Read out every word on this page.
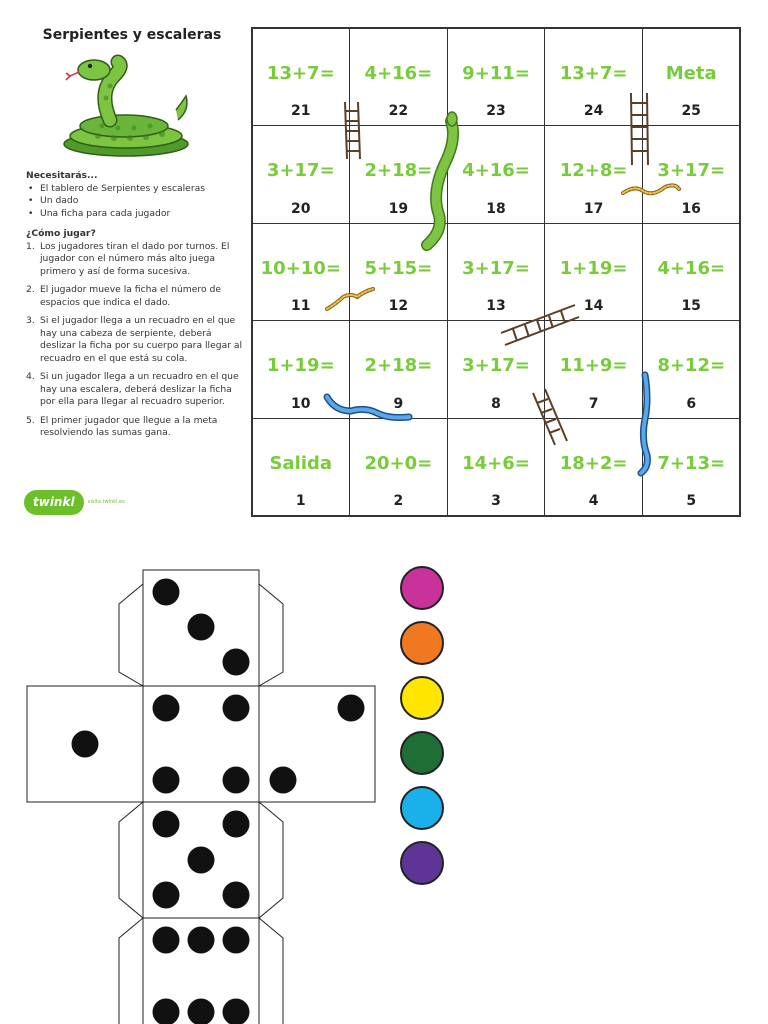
Serpientes y escaleras
Necesitarás...
• El tablero de Serpientes y escaleras
• Un dado
• Una ficha para cada jugador
¿Cómo jugar?
1. Los jugadores tiran el dado por turnos. El jugador con el número más alto juega primero y así de forma sucesiva.
2. El jugador mueve la ficha el número de espacios que indica el dado.
3. Si el jugador llega a un recuadro en el que hay una cabeza de serpiente, deberá deslizar la ficha por su cuerpo para llegar al recuadro en el que está su cola.
4. Si un jugador llega a un recuadro en el que hay una escalera, deberá deslizar la ficha por ella para llegar al recuadro superior.
5. El primer jugador que llegue a la meta resolviendo las sumas gana.
twinkl	visita twinkl.es
13+7=
21
4+16=
22
9+11=
23
13+7=
24
Meta
25
3+17=
20
2+18=
19
4+16=
18
12+8=
17
3+17=
16
10+10=
11
5+15=
12
3+17=
13
1+19=
14
4+16=
15
1+19=
10
2+18=
9
3+17=
8
11+9=
7
8+12=
6
Salida
1
20+0=
2
14+6=
3
18+2=
4
7+13=
5
